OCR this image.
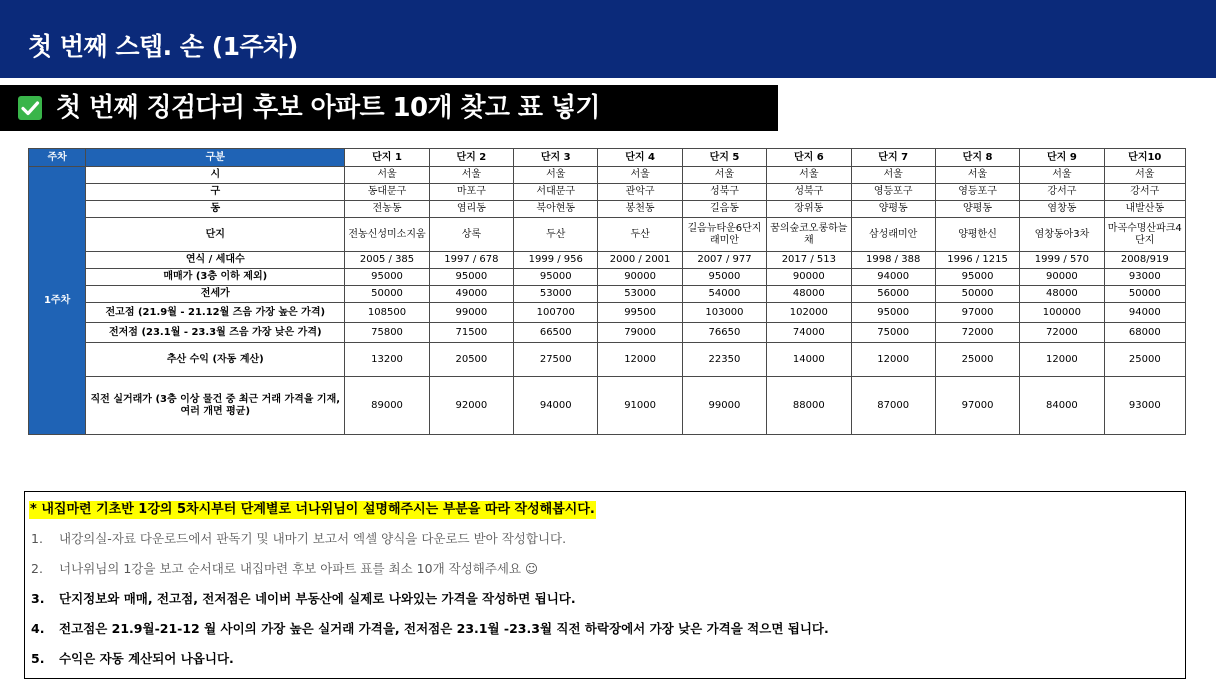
첫 번째 스텝. 손 (1주차)
첫 번째 징검다리 후보 아파트 10개 찾고 표 넣기
주차	구분	단지 1	단지 2	단지 3	단지 4	단지 5	단지 6	단지 7	단지 8	단지 9	단지10
1주차	시	서울	서울	서울	서울	서울	서울	서울	서울	서울	서울
	구	동대문구	마포구	서대문구	관악구	성북구	성북구	영등포구	영등포구	강서구	강서구
	동	전농동	염리동	북아현동	봉천동	길음동	장위동	양평동	양평동	염창동	내발산동
	단지	전농신성미소지움	상록	두산	두산	길음뉴타운6단지래미안	꿈의숲코오롱하늘채	삼성래미안	양평한신	염창동아3차	마곡수명산파크4단지
	연식 / 세대수	2005 / 385	1997 / 678	1999 / 956	2000 / 2001	2007 / 977	2017 / 513	1998 / 388	1996 / 1215	1999 / 570	2008/919
	매매가 (3층 이하 제외)	95000	95000	95000	90000	95000	90000	94000	95000	90000	93000
	전세가	50000	49000	53000	53000	54000	48000	56000	50000	48000	50000
	전고점 (21.9월 - 21.12월 즈음 가장 높은 가격)	108500	99000	100700	99500	103000	102000	95000	97000	100000	94000
	전저점 (23.1월 - 23.3월 즈음 가장 낮은 가격)	75800	71500	66500	79000	76650	74000	75000	72000	72000	68000
	추산 수익 (자동 계산)	13200	20500	27500	12000	22350	14000	12000	25000	12000	25000
	직전 실거래가 (3층 이상 물건 중 최근 거래 가격을 기재, 여러 개면 평균)	89000	92000	94000	91000	99000	88000	87000	97000	84000	93000
* 내집마련 기초반 1강의 5차시부터 단계별로 너나위님이 설명해주시는 부분을 따라 작성해봅시다.
1. 내강의실-자료 다운로드에서 판독기 및 내마기 보고서 엑셀 양식을 다운로드 받아 작성합니다.
2. 너나위님의 1강을 보고 순서대로 내집마련 후보 아파트 표를 최소 10개 작성해주세요 ☺
3. 단지정보와 매매, 전고점, 전저점은 네이버 부동산에 실제로 나와있는 가격을 작성하면 됩니다.
4. 전고점은 21.9월-21-12 월 사이의 가장 높은 실거래 가격을, 전저점은 23.1월 -23.3월 직전 하락장에서 가장 낮은 가격을 적으면 됩니다.
5. 수익은 자동 계산되어 나옵니다.
